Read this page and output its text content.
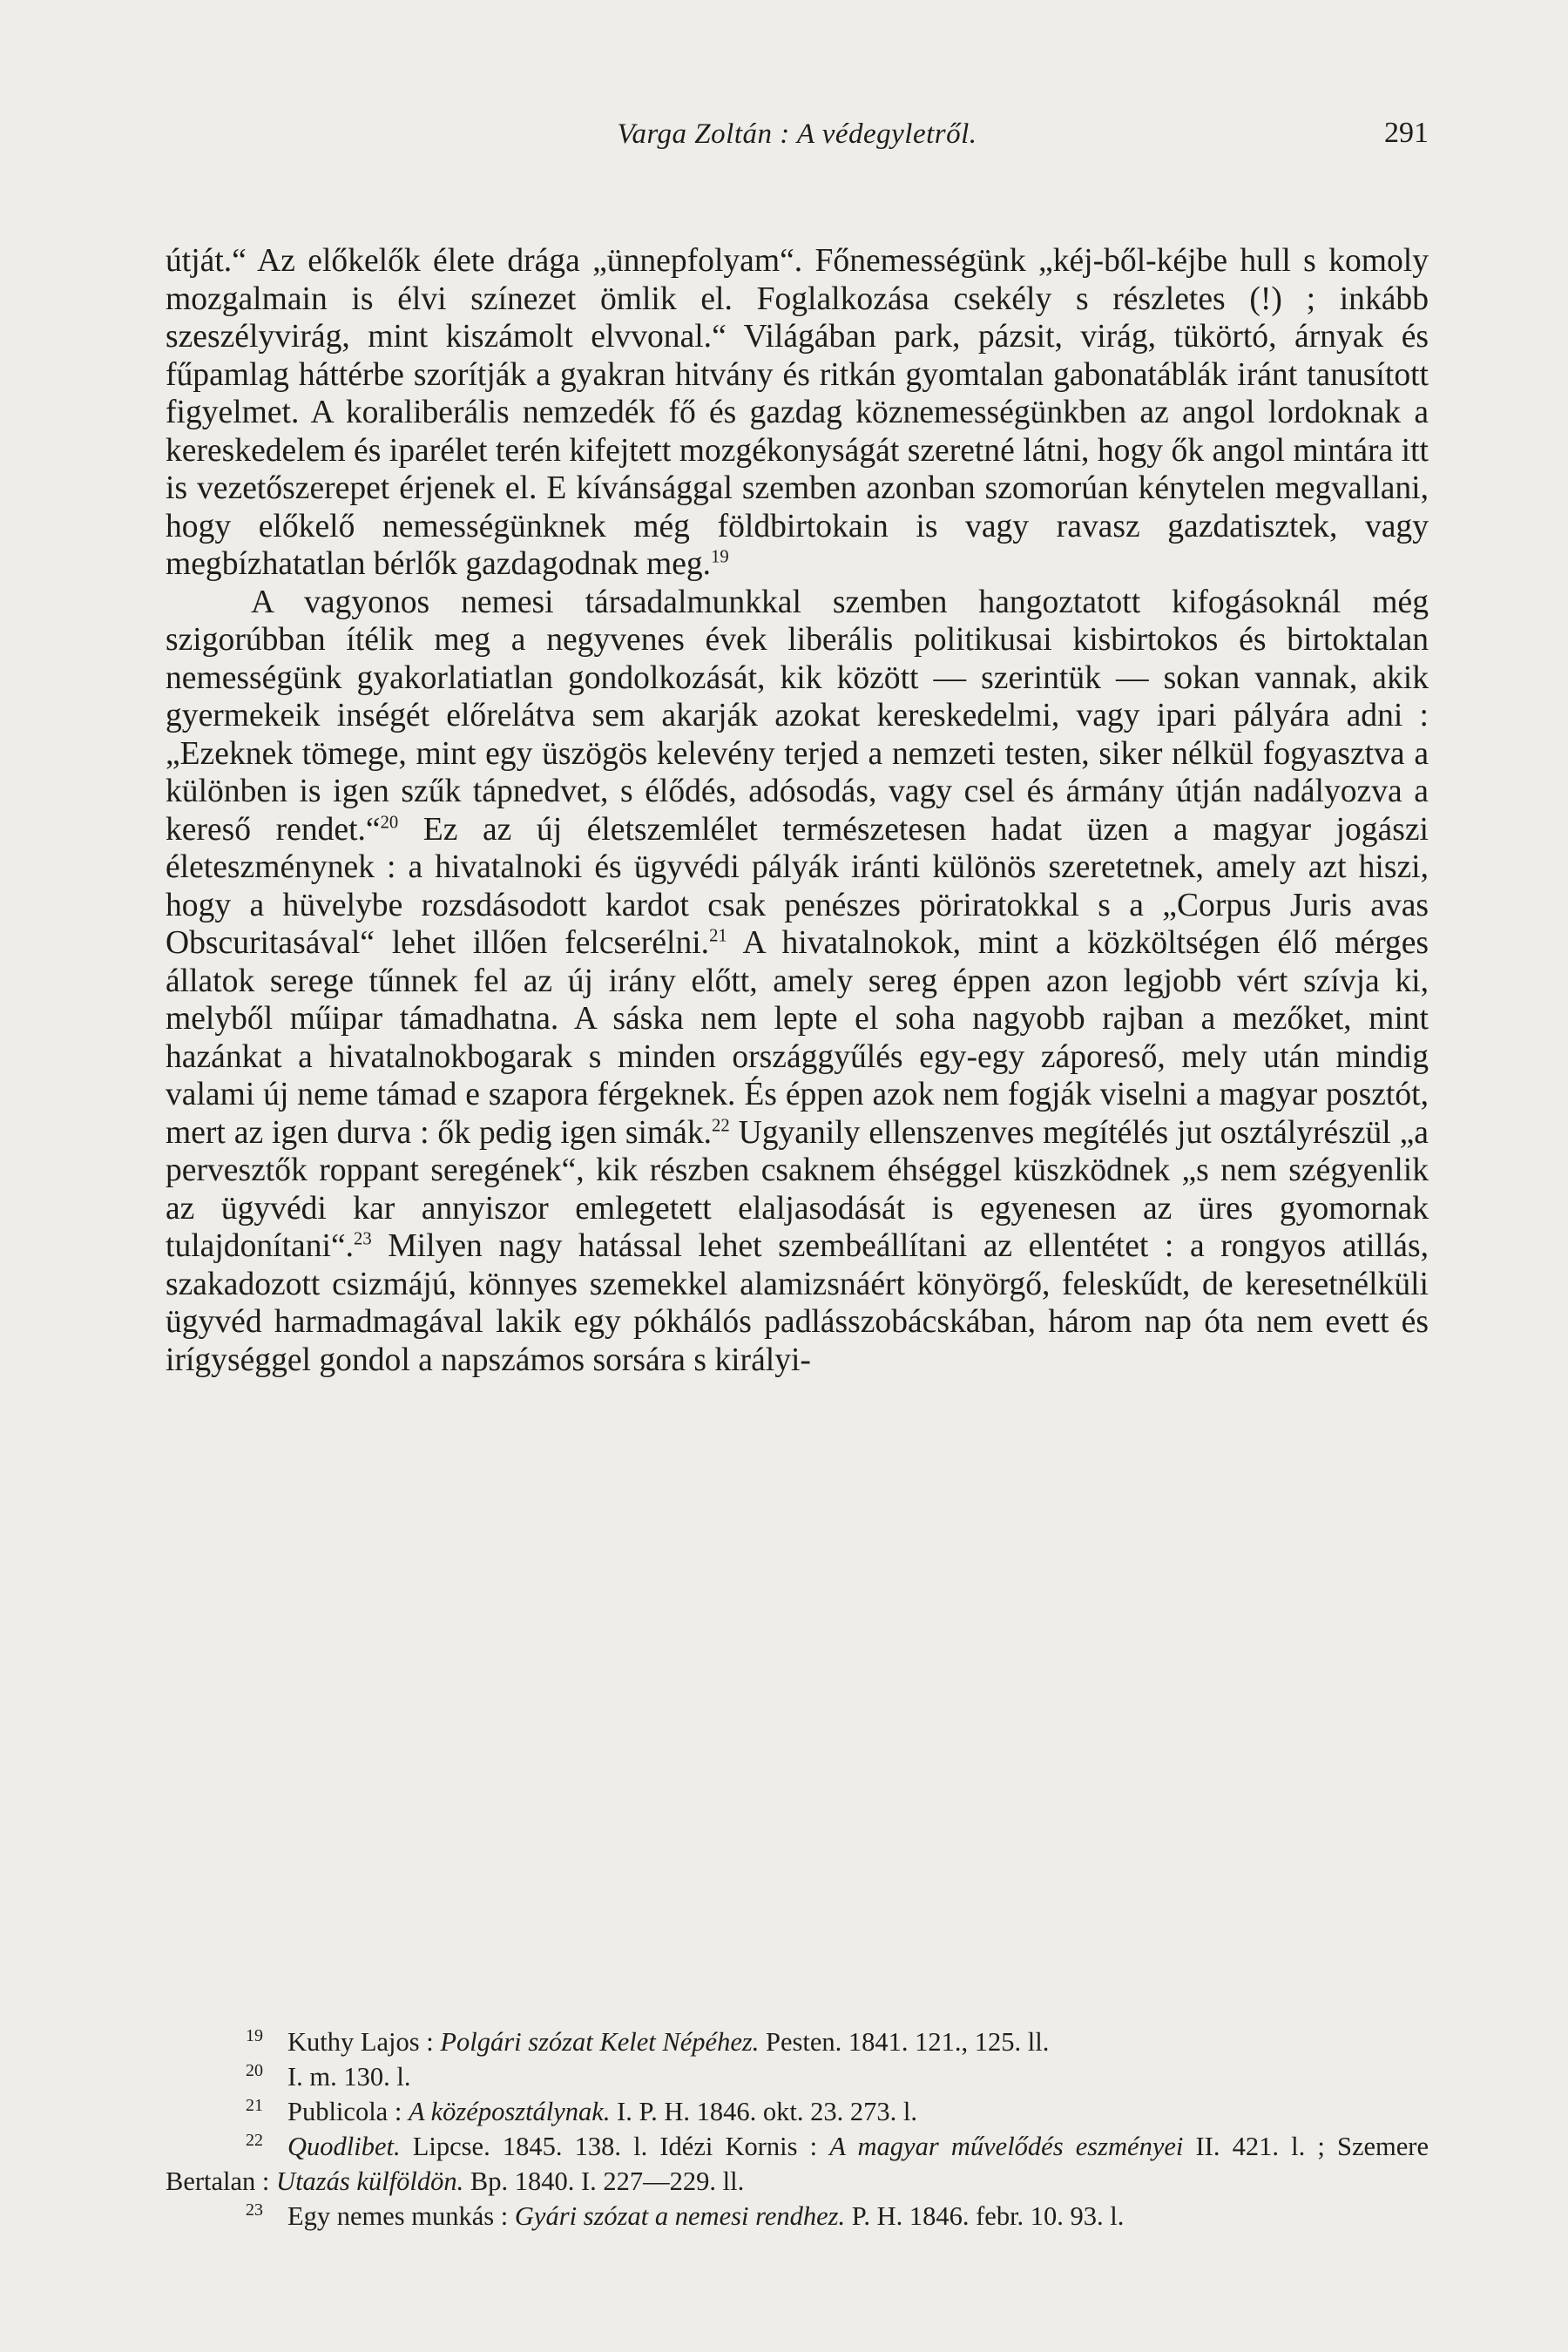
Varga Zoltán : A védegyletről.	291

útját.“ Az előkelők élete drága „ünnepfolyam“. Főnemességünk „kéj-ből-kéjbe hull s komoly mozgalmain is élvi színezet ömlik el. Foglalkozása csekély s részletes (!) ; inkább szeszélyvirág, mint kiszámolt elvvonal.“ Világában park, pázsit, virág, tükörtó, árnyak és fűpamlag háttérbe szorítják a gyakran hitvány és ritkán gyomtalan gabonatáblák iránt tanusított figyelmet. A koraliberális nemzedék fő és gazdag köznemességünkben az angol lordoknak a kereskedelem és iparélet terén kifejtett mozgékonyságát szeretné látni, hogy ők angol mintára itt is vezetőszerepet érjenek el. E kívánsággal szemben azonban szomorúan kénytelen megvallani, hogy előkelő nemességünknek még földbirtokain is vagy ravasz gazdatisztek, vagy megbízhatatlan bérlők gazdagodnak meg.$^{19}$

A vagyonos nemesi társadalmunkkal szemben hangoztatott kifogásoknál még szigorúbban ítélik meg a negyvenes évek liberális politikusai kisbirtokos és birtoktalan nemességünk gyakorlatiatlan gondolkozását, kik között — szerintük — sokan vannak, akik gyermekeik inségét előrelátva sem akarják azokat kereskedelmi, vagy ipari pályára adni : „Ezeknek tömege, mint egy üszögös kelevény terjed a nemzeti testen, siker nélkül fogyasztva a különben is igen szűk tápnedvet, s élődés, adósodás, vagy csel és ármány útján nadályozva a kereső rendet.“$^{20}$ Ez az új életszemlélet természetesen hadat üzen a magyar jogászi életeszménynek : a hivatalnoki és ügyvédi pályák iránti különös szeretetnek, amely azt hiszi, hogy a hüvelybe rozsdásodott kardot csak penészes pöriratokkal s a „Corpus Juris avas Obscuritasával“ lehet illően felcserélni.$^{21}$ A hivatalnokok, mint a közköltségen élő mérges állatok serege tűnnek fel az új irány előtt, amely sereg éppen azon legjobb vért szívja ki, melyből műipar támadhatna. A sáska nem lepte el soha nagyobb rajban a mezőket, mint hazánkat a hivatalnokbogarak s minden országgyűlés egy-egy záporeső, mely után mindig valami új neme támad e szapora férgeknek. És éppen azok nem fogják viselni a magyar posztót, mert az igen durva : ők pedig igen simák.$^{22}$ Ugyanily ellenszenves megítélés jut osztályrészül „a pervesztők roppant seregének“, kik részben csaknem éhséggel küszködnek „s nem szégyenlik az ügyvédi kar annyiszor emlegetett elaljasodását is egyenesen az üres gyomornak tulajdonítani“.$^{23}$ Milyen nagy hatással lehet szembeállítani az ellentétet : a rongyos atillás, szakadozott csizmájú, könnyes szemekkel alamizsnáért könyörgő, feleskűdt, de keresetnélküli ügyvéd harmadmagával lakik egy pókhálós padlásszobácskában, három nap óta nem evett és irígységgel gondol a napszámos sorsára s királyi-

19 Kuthy Lajos : Polgári szózat Kelet Népéhez. Pesten. 1841. 121., 125. ll.

20 I. m. 130. l.

21 Publicola : A középosztálynak. I. P. H. 1846. okt. 23. 273. l.

22 Quodlibet. Lipcse. 1845. 138. l. Idézi Kornis : A magyar művelődés eszményei II. 421. l. ; Szemere Bertalan : Utazás külföldön. Bp. 1840. I. 227—229. ll.

23 Egy nemes munkás : Gyári szózat a nemesi rendhez. P. H. 1846. febr. 10. 93. l.
